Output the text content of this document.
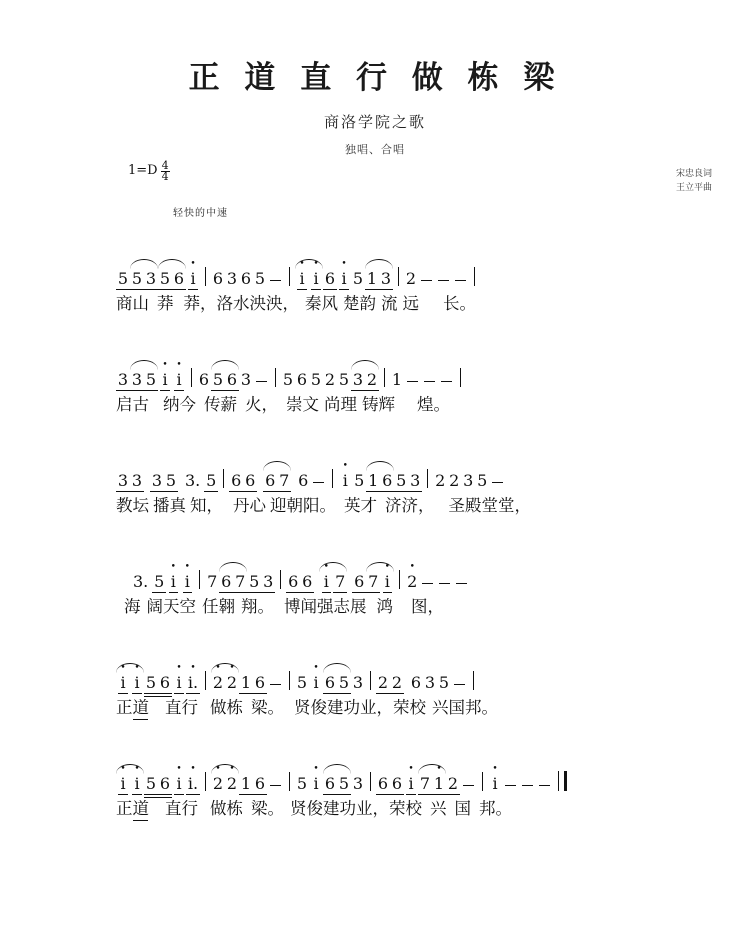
正 道 直 行 做 栋 梁
商洛学院之歌
独唱、合唱
$1=D \frac{4}{4}$	宋忠良词
王立平曲
轻快的中速
5 5 3 5 6 • i 6 3 6 5 • i • i 6 • i 5 1 3 2
商 山 莽 莽 ， 洛 水 泱 泱 ， 秦 风 楚 韵 流 远 长 。
3 3 5 • i • i 6 5 6 3 5 6 5 2 5 3 2 1
启 古 纳 今 传 薪 火 ， 崇 文 尚 理 铸 辉 煌 。
3 3 3 5 3. 5 6 6 6 7 6 • i 5 1 6 5 3 2 2 3 5
教 坛 播 真 知 ， 丹 心 迎 朝 阳 。 英 才 济 济 ， 圣 殿 堂 堂 ，
3. 5 • i • i 7 6 7 5 3 6 6 • i 7 6 7 • i • 2
海 阔 天 空 任 翱 翔 。 博 闻 强 志 展 鸿 图 ，
• i • i 5 6 • i • i. • 2 • 2 1 6 5 • i 6 5 3 2 2 6 3 5
正 道 直 行 做 栋 梁 。 贤 俊 建 功 业 ， 荣 校 兴 国 邦 。
• i • i 5 6 • i • i. • 2 • 2 1 6 5 • i 6 5 3 6 6 • i 7 • 1 2 • i
正 道 直 行 做 栋 梁 。 贤 俊 建 功 业 ， 荣 校 兴 国 邦 。
